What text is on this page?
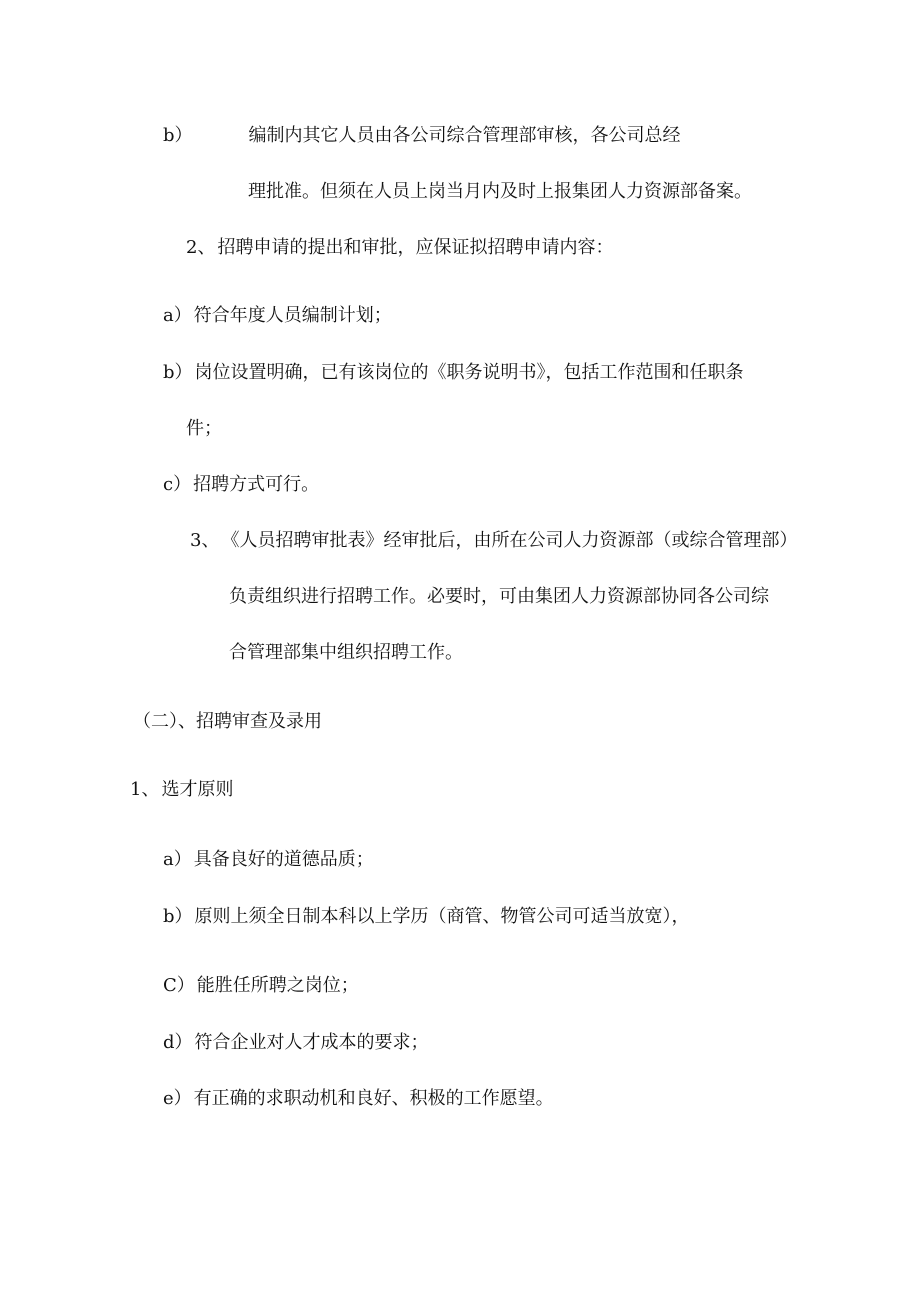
b）	编制内其它人员由各公司综合管理部审核，各公司总经
理批准。但须在人员上岗当月内及时上报集团人力资源部备案。
2、 招聘申请的提出和审批，应保证拟招聘申请内容：
a） 符合年度人员编制计划；
b） 岗位设置明确，已有该岗位的《职务说明书》，包括工作范围和任职条
件；
c） 招聘方式可行。
3、 《人员招聘审批表》经审批后，由所在公司人力资源部（或综合管理部）
负责组织进行招聘工作。必要时，可由集团人力资源部协同各公司综
合管理部集中组织招聘工作。
（二）、招聘审查及录用
1、 选才原则
a） 具备良好的道德品质；
b） 原则上须全日制本科以上学历（商管、物管公司可适当放宽），
C） 能胜任所聘之岗位；
d） 符合企业对人才成本的要求；
e） 有正确的求职动机和良好、积极的工作愿望。
